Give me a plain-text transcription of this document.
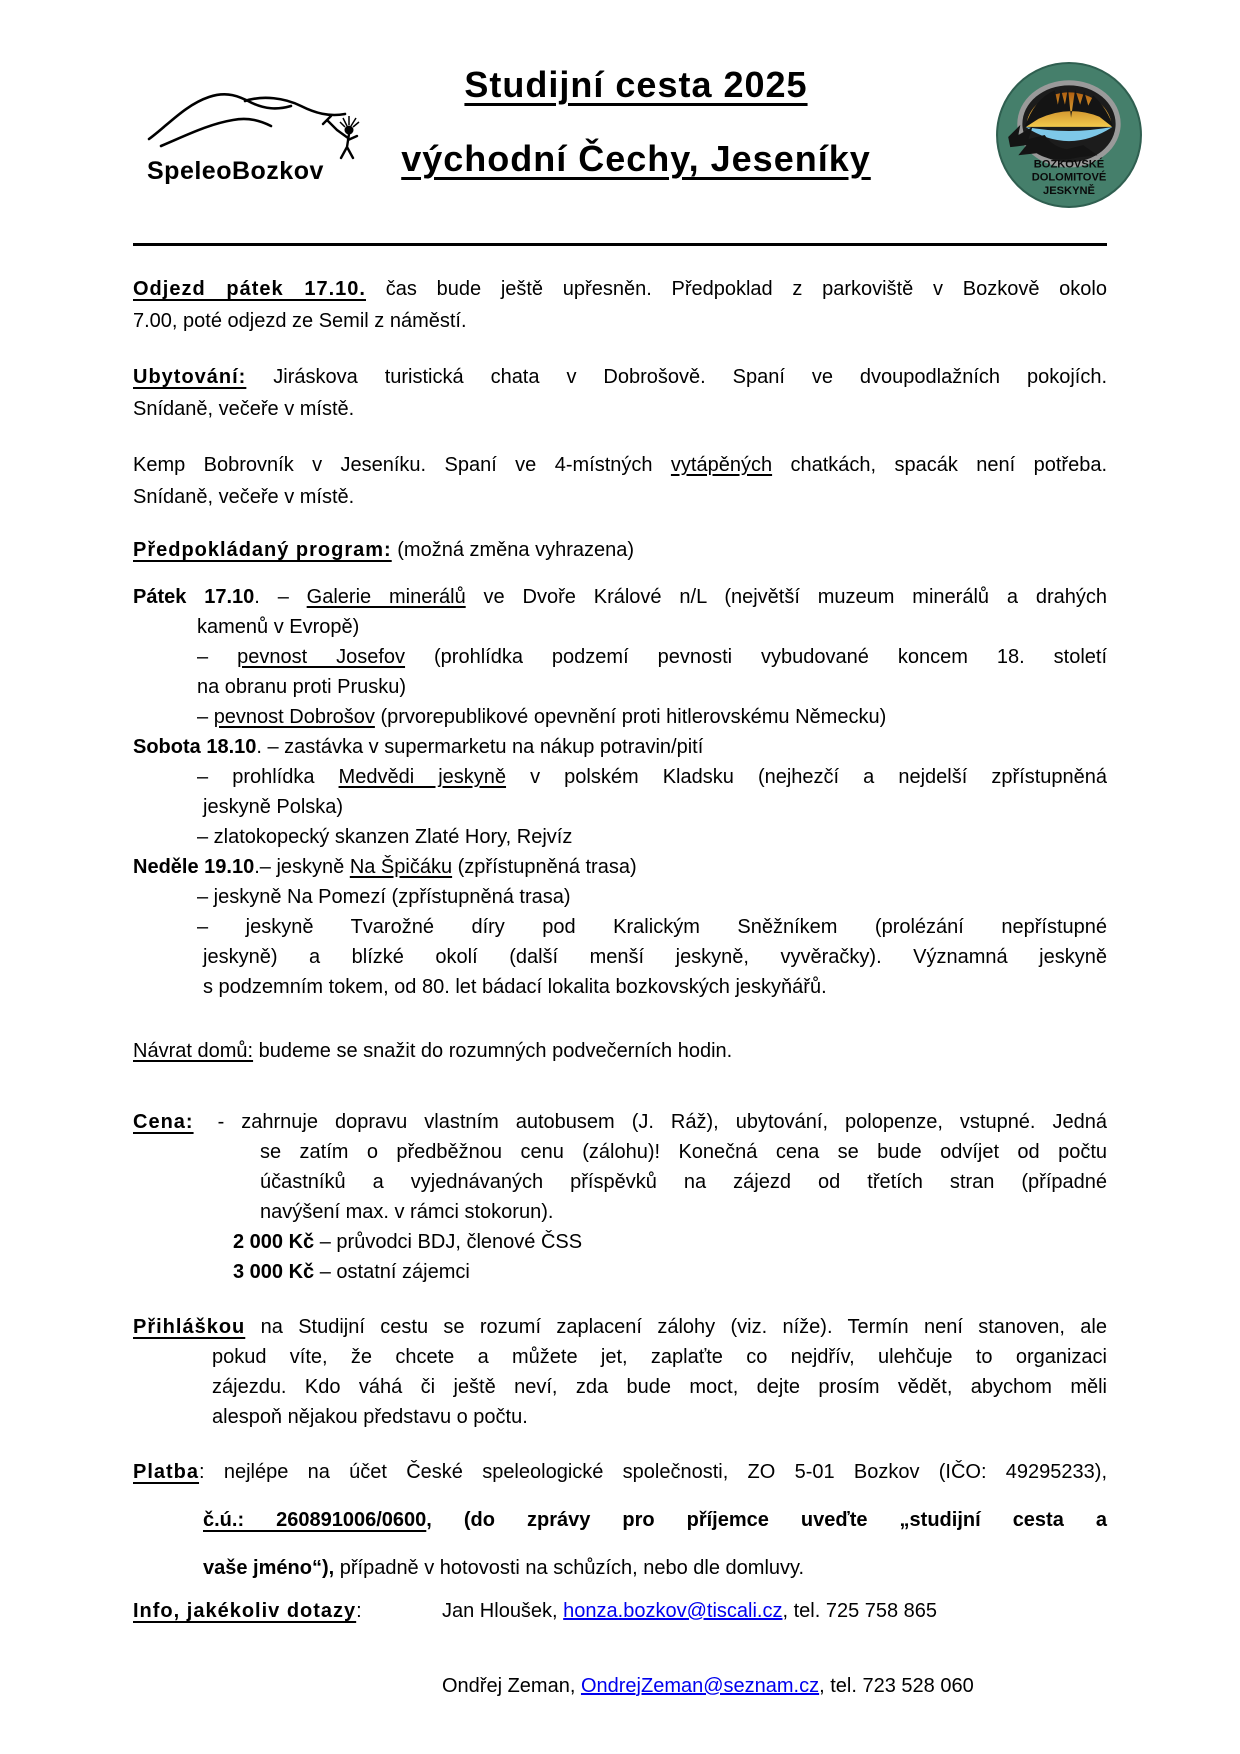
SpeleoBozkov
Studijní cesta 2025
východní Čechy, Jeseníky	BOZKOVSKÉ
DOLOMITOVÉ
JESKYNĚ
Odjezd pátek 17.10. čas bude ještě upřesněn. Předpoklad z parkoviště v Bozkově okolo
7.00, poté odjezd ze Semil z náměstí.
Ubytování: Jiráskova turistická chata v Dobrošově. Spaní ve dvoupodlažních pokojích.
Snídaně, večeře v místě.
Kemp Bobrovník v Jeseníku. Spaní ve 4-místných vytápěných chatkách, spacák není potřeba.
Snídaně, večeře v místě.
Předpokládaný program: (možná změna vyhrazena)
Pátek 17.10. – Galerie minerálů ve Dvoře Králové n/L (největší muzeum minerálů a drahých
kamenů v Evropě)
– pevnost Josefov (prohlídka podzemí pevnosti vybudované koncem 18. století
na obranu proti Prusku)
– pevnost Dobrošov (prvorepublikové opevnění proti hitlerovskému Německu)
Sobota 18.10. – zastávka v supermarketu na nákup potravin/pití
– prohlídka Medvědi jeskyně v polském Kladsku (nejhezčí a nejdelší zpřístupněná
jeskyně Polska)
– zlatokopecký skanzen Zlaté Hory, Rejvíz
Neděle 19.10.– jeskyně Na Špičáku (zpřístupněná trasa)
– jeskyně Na Pomezí (zpřístupněná trasa)
– jeskyně Tvarožné díry pod Kralickým Sněžníkem (prolézání nepřístupné
jeskyně) a blízké okolí (další menší jeskyně, vyvěračky). Významná jeskyně
s podzemním tokem, od 80. let bádací lokalita bozkovských jeskyňářů.
Návrat domů: budeme se snažit do rozumných podvečerních hodin.
Cena: - zahrnuje dopravu vlastním autobusem (J. Ráž), ubytování, polopenze, vstupné. Jedná
se zatím o předběžnou cenu (zálohu)! Konečná cena se bude odvíjet od počtu
účastníků a vyjednávaných příspěvků na zájezd od třetích stran (případné
navýšení max. v rámci stokorun).
2 000 Kč – průvodci BDJ, členové ČSS
3 000 Kč – ostatní zájemci
Přihláškou na Studijní cestu se rozumí zaplacení zálohy (viz. níže). Termín není stanoven, ale
pokud víte, že chcete a můžete jet, zaplaťte co nejdřív, ulehčuje to organizaci
zájezdu. Kdo váhá či ještě neví, zda bude moct, dejte prosím vědět, abychom měli
alespoň nějakou představu o počtu.
Platba: nejlépe na účet České speleologické společnosti, ZO 5-01 Bozkov (IČO: 49295233),
č.ú.: 260891006/0600, (do zprávy pro příjemce uveďte „studijní cesta a
vaše jméno“), případně v hotovosti na schůzích, nebo dle domluvy.
Info, jakékoliv dotazy:	Jan Hloušek, honza.bozkov@tiscali.cz, tel. 725 758 865
Ondřej Zeman, OndrejZeman@seznam.cz, tel. 723 528 060
